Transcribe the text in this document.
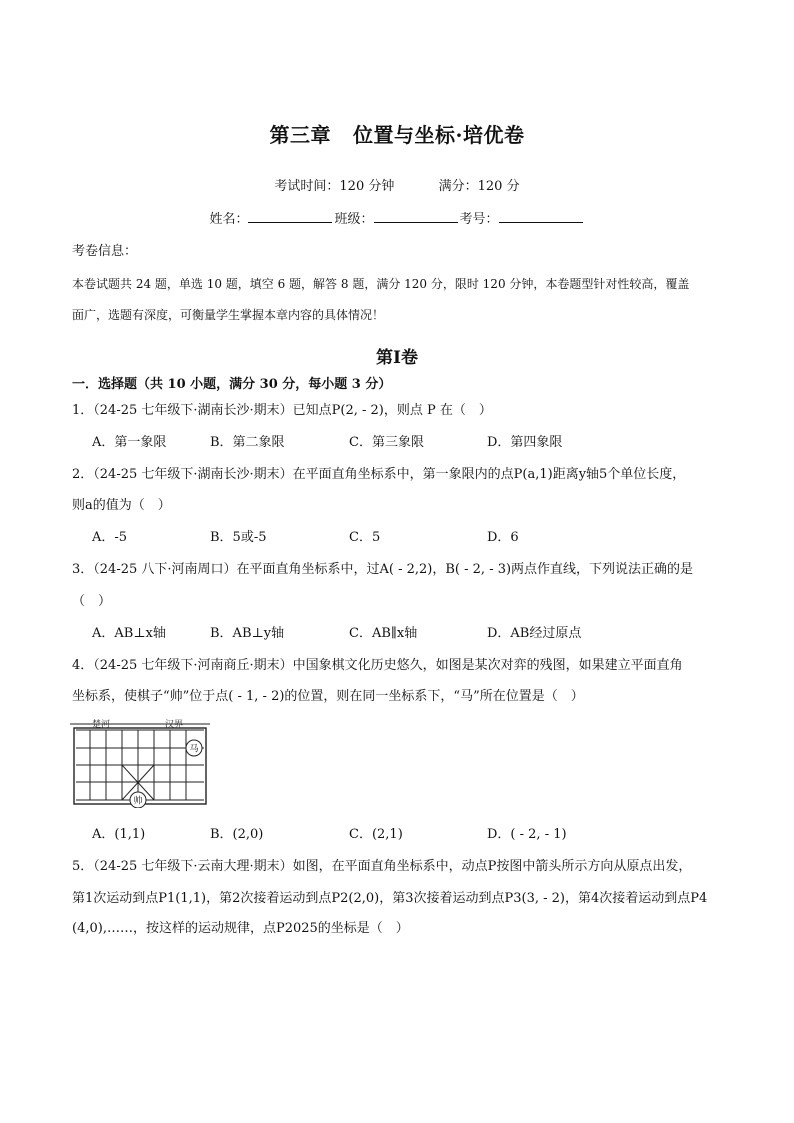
第三章 位置与坐标·培优卷
考试时间：120 分钟	满分：120 分
姓名：	班级：	考号：
考卷信息：
本卷试题共 24 题，单选 10 题，填空 6 题，解答 8 题，满分 120 分，限时 120 分钟，本卷题型针对性较高，覆盖
面广，选题有深度，可衡量学生掌握本章内容的具体情况！
第Ⅰ卷
一．选择题（共 10 小题，满分 30 分，每小题 3 分）
1．（24-25 七年级下·湖南长沙·期末）已知点P(2, - 2)，则点 P 在（　）
A．第一象限	B．第二象限	C．第三象限	D．第四象限
2．（24-25 七年级下·湖南长沙·期末）在平面直角坐标系中，第一象限内的点P(a,1)距离y轴5个单位长度，
则a的值为（　）
A．-5	B．5或-5	C．5	D．6
3．（24-25 八下·河南周口）在平面直角坐标系中，过A( - 2,2)，B( - 2, - 3)两点作直线，下列说法正确的是
（　）
A．AB⊥x轴	B．AB⊥y轴	C．AB∥x轴	D．AB经过原点
4．（24-25 七年级下·河南商丘·期末）中国象棋文化历史悠久，如图是某次对弈的残图，如果建立平面直角
坐标系，使棋子“帅”位于点( - 1, - 2)的位置，则在同一坐标系下，“马”所在位置是（　）
楚河	汉界
马
帅
A．(1,1)	B．(2,0)	C．(2,1)	D．( - 2, - 1)
5．（24-25 七年级下·云南大理·期末）如图，在平面直角坐标系中，动点P按图中箭头所示方向从原点出发，
第1次运动到点P1(1,1)，第2次接着运动到点P2(2,0)，第3次接着运动到点P3(3, - 2)，第4次接着运动到点P4
(4,0),……，按这样的运动规律，点P2025的坐标是（　）
